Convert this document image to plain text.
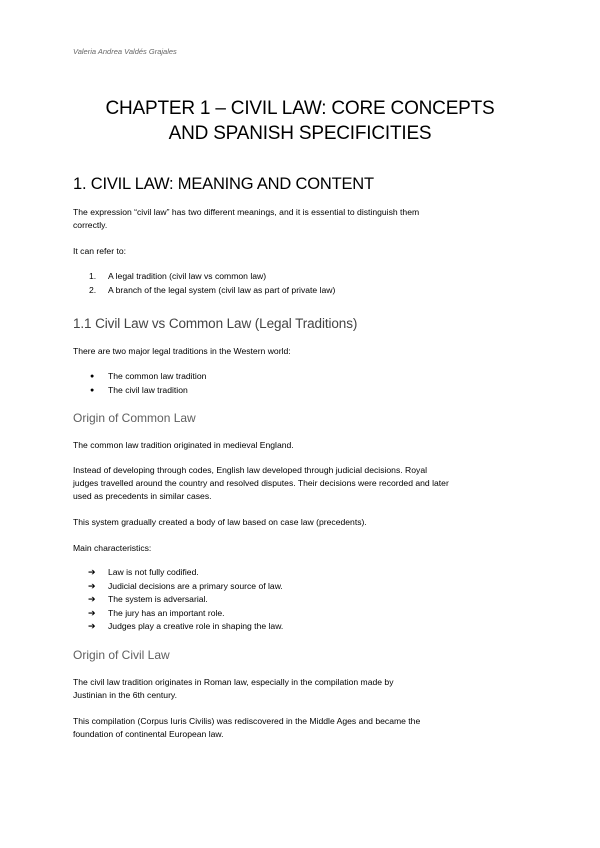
Valeria Andrea Valdés Grajales
CHAPTER 1 – CIVIL LAW: CORE CONCEPTS
AND SPANISH SPECIFICITIES
1. CIVIL LAW: MEANING AND CONTENT
The expression “civil law” has two different meanings, and it is essential to distinguish them
correctly.
It can refer to:
1. A legal tradition (civil law vs common law)
2. A branch of the legal system (civil law as part of private law)
1.1 Civil Law vs Common Law (Legal Traditions)
There are two major legal traditions in the Western world:
● The common law tradition
● The civil law tradition
Origin of Common Law
The common law tradition originated in medieval England.
Instead of developing through codes, English law developed through judicial decisions. Royal
judges travelled around the country and resolved disputes. Their decisions were recorded and later
used as precedents in similar cases.
This system gradually created a body of law based on case law (precedents).
Main characteristics:
➔ Law is not fully codified.
➔ Judicial decisions are a primary source of law.
➔ The system is adversarial.
➔ The jury has an important role.
➔ Judges play a creative role in shaping the law.
Origin of Civil Law
The civil law tradition originates in Roman law, especially in the compilation made by
Justinian in the 6th century.
This compilation (Corpus Iuris Civilis) was rediscovered in the Middle Ages and became the
foundation of continental European law.
